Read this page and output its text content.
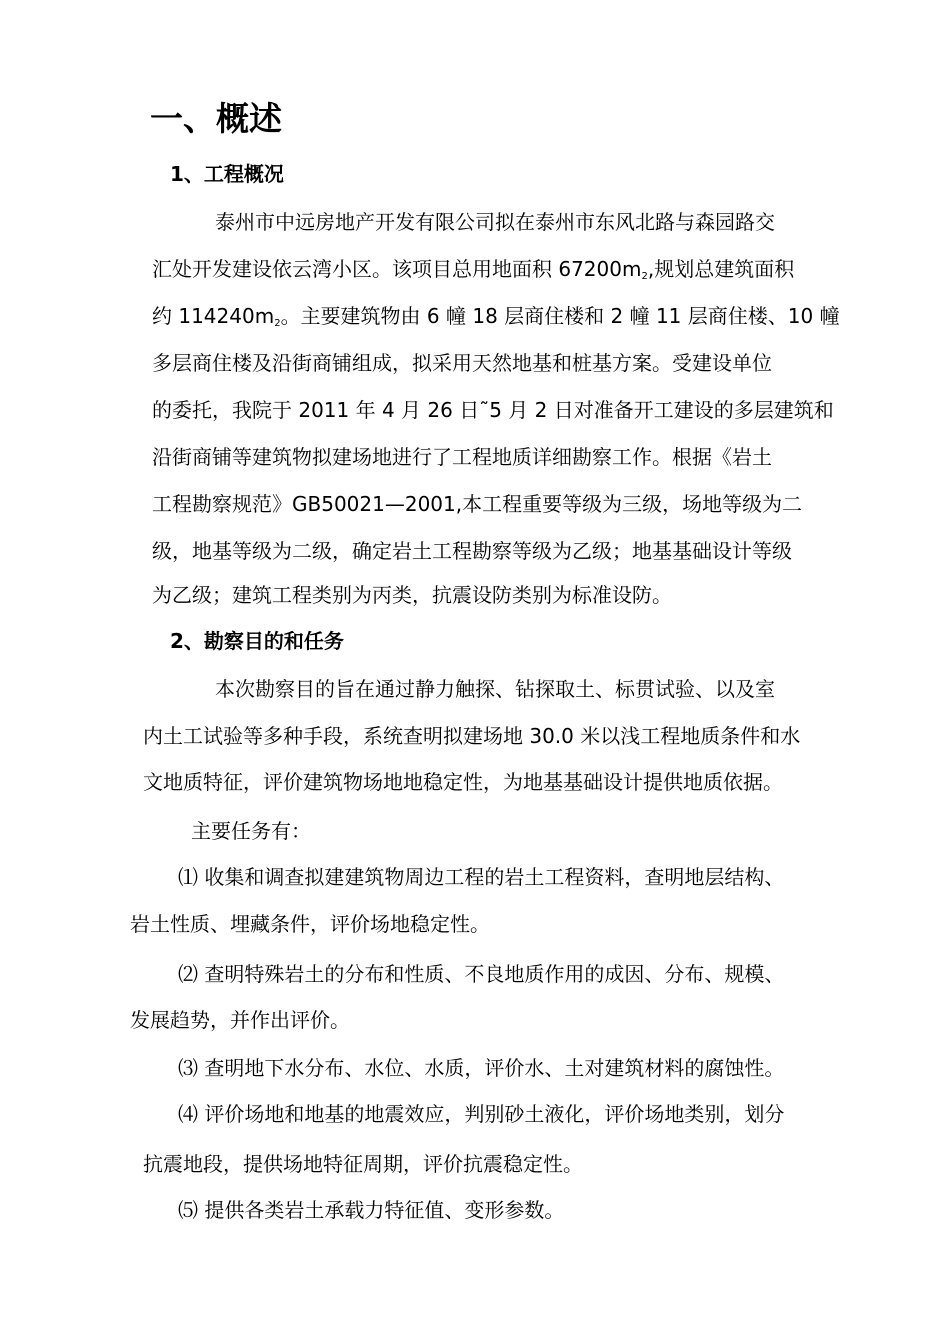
一、概述
1、工程概况

泰州市中远房地产开发有限公司拟在泰州市东风北路与森园路交

汇处开发建设依云湾小区。该项目总用地面积 $67200m_2$,规划总建筑面积

约 $114240m_2$。主要建筑物由 6 幢 18 层商住楼和 2 幢 11 层商住楼、10 幢

多层商住楼及沿街商铺组成，拟采用天然地基和桩基方案。受建设单位

的委托，我院于 2011 年 4 月 26 日˜5 月 2 日对准备开工建设的多层建筑和

沿街商铺等建筑物拟建场地进行了工程地质详细勘察工作。根据《岩土

工程勘察规范》GB50021—2001,本工程重要等级为三级，场地等级为二

级，地基等级为二级，确定岩土工程勘察等级为乙级；地基基础设计等级

为乙级；建筑工程类别为丙类，抗震设防类别为标准设防。

2、勘察目的和任务

本次勘察目的旨在通过静力触探、钻探取土、标贯试验、以及室

内土工试验等多种手段，系统查明拟建场地 30.0 米以浅工程地质条件和水

文地质特征，评价建筑物场地地稳定性，为地基基础设计提供地质依据。

主要任务有：

⑴ 收集和调查拟建建筑物周边工程的岩土工程资料，查明地层结构、

岩土性质、埋藏条件，评价场地稳定性。

⑵ 查明特殊岩土的分布和性质、不良地质作用的成因、分布、规模、

发展趋势，并作出评价。

⑶ 查明地下水分布、水位、水质，评价水、土对建筑材料的腐蚀性。

⑷ 评价场地和地基的地震效应，判别砂土液化，评价场地类别，划分

抗震地段，提供场地特征周期，评价抗震稳定性。

⑸ 提供各类岩土承载力特征值、变形参数。
